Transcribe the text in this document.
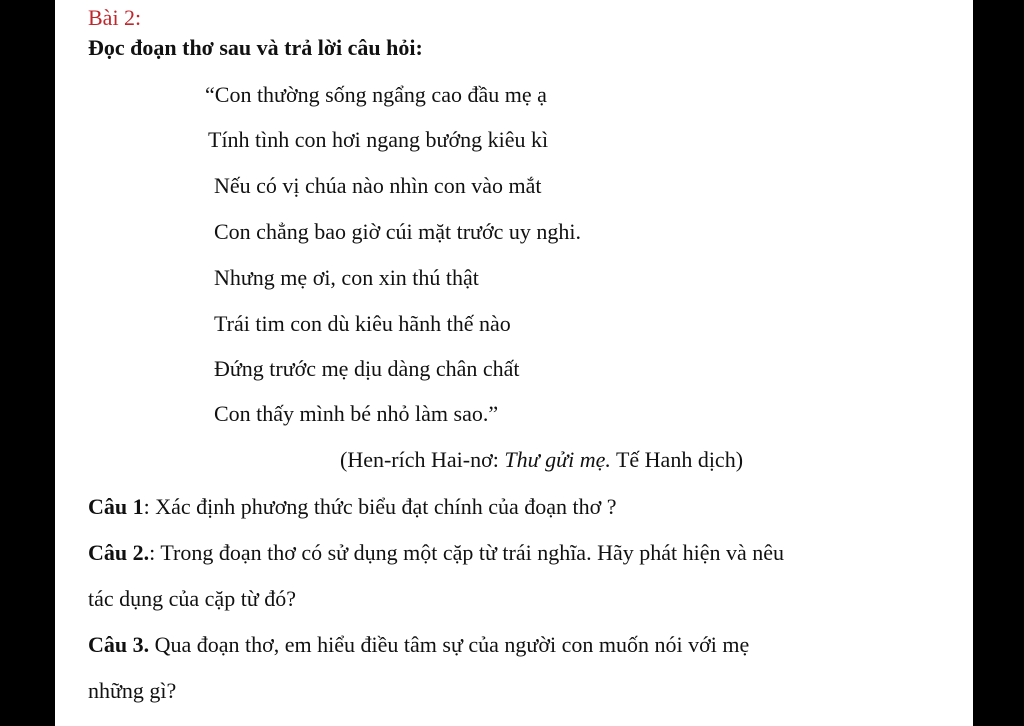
Bài 2:
Đọc đoạn thơ sau và trả lời câu hỏi:
“Con thường sống ngẩng cao đầu mẹ ạ
Tính tình con hơi ngang bướng kiêu kì
Nếu có vị chúa nào nhìn con vào mắt
Con chẳng bao giờ cúi mặt trước uy nghi.
Nhưng mẹ ơi, con xin thú thật
Trái tim con dù kiêu hãnh thế nào
Đứng trước mẹ dịu dàng chân chất
Con thấy mình bé nhỏ làm sao.”
(Hen-rích Hai-nơ: Thư gửi mẹ. Tế Hanh dịch)
Câu 1: Xác định phương thức biểu đạt chính của đoạn thơ ?
Câu 2.: Trong đoạn thơ có sử dụng một cặp từ trái nghĩa. Hãy phát hiện và nêu
tác dụng của cặp từ đó?
Câu 3. Qua đoạn thơ, em hiểu điều tâm sự của người con muốn nói với mẹ
những gì?
